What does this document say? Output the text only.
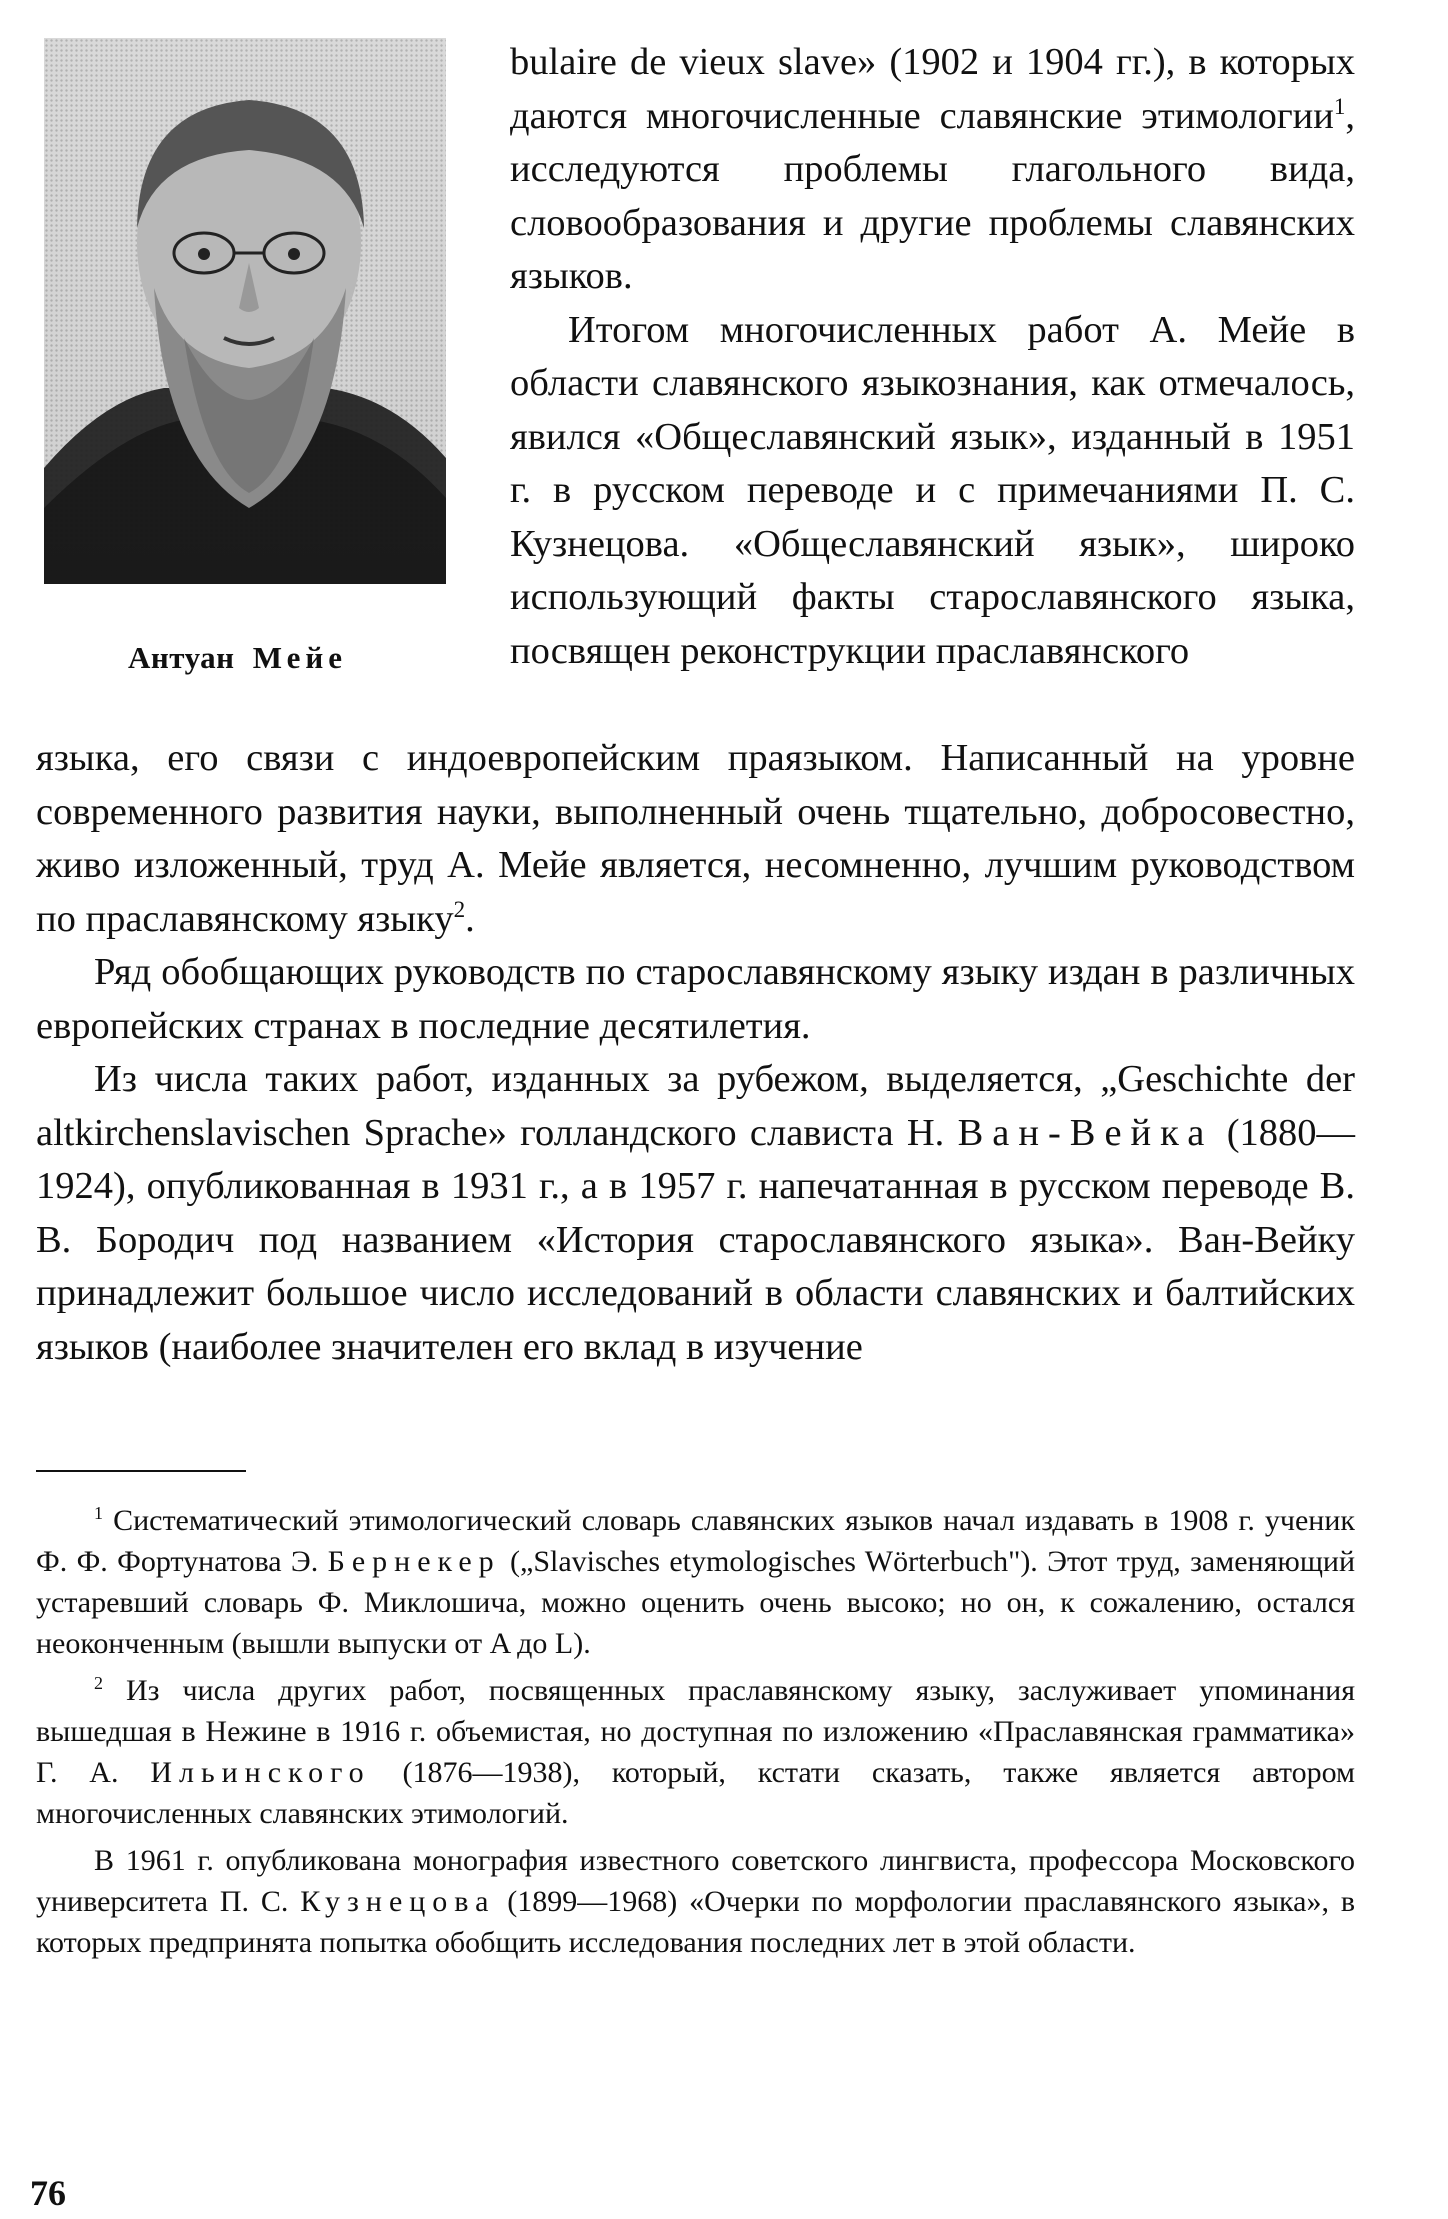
Антуан Мейе

bulaire de vieux slave» (1902 и 1904 гг.), в которых даются многочисленные славянские этимологии$^1$, исследуются проблемы глагольного вида, словообразования и другие проблемы славянских языков.

Итогом многочисленных работ А. Мейе в области славянского языкознания, как отмечалось, явился «Общеславянский язык», изданный в 1951 г. в русском переводе и с примечаниями П. С. Кузнецова. «Общеславянский язык», широко использующий факты старославянского языка, посвящен реконструкции праславянского

языка, его связи с индоевропейским праязыком. Написанный на уровне современного развития науки, выполненный очень тщательно, добросовестно, живо изложенный, труд А. Мейе является, несомненно, лучшим руководством по праславянскому языку$^2$.

Ряд обобщающих руководств по старославянскому языку издан в различных европейских странах в последние десятилетия.

Из числа таких работ, изданных за рубежом, выделяется, „Geschichte der altkirchenslavischen Sprache» голландского слависта Н. Ван-Вейка (1880—1924), опубликованная в 1931 г., а в 1957 г. напечатанная в русском переводе В. В. Бородич под названием «История старославянского языка». Ван-Вейку принадлежит большое число исследований в области славянских и балтийских языков (наиболее значителен его вклад в изучение

$^1$ Систематический этимологический словарь славянских языков начал издавать в 1908 г. ученик Ф. Ф. Фортунатова Э. Бернекер („Slavisches etymologisches Wörterbuch"). Этот труд, заменяющий устаревший словарь Ф. Миклошича, можно оценить очень высоко; но он, к сожалению, остался неоконченным (вышли выпуски от A до L).

$^2$ Из числа других работ, посвященных праславянскому языку, заслуживает упоминания вышедшая в Нежине в 1916 г. объемистая, но доступная по изложению «Праславянская грамматика» Г. А. Ильинского (1876—1938), который, кстати сказать, также является автором многочисленных славянских этимологий.

В 1961 г. опубликована монография известного советского лингвиста, профессора Московского университета П. С. Кузнецова (1899—1968) «Очерки по морфологии праславянского языка», в которых предпринята попытка обобщить исследования последних лет в этой области.

76
